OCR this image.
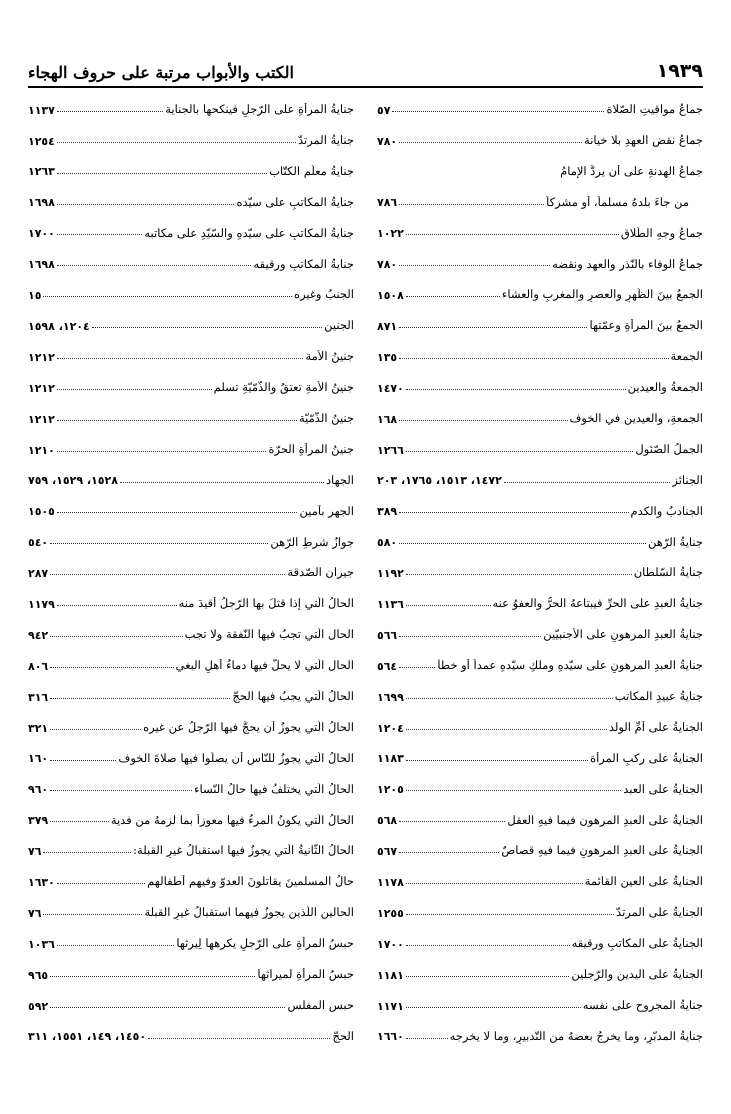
١٩٣٩
الكتب والأبواب مرتبة على حروف الهجاء
جماعُ مواقيتِ الصّلاة
٥٧
جماعُ نقضِ العهدِ بلا خيانة
٧٨٠
جماعُ الهدنةِ على أن يردَّ الإمامُ
من جاءَ بلدهُ مسلماً، أو مشركاً
٧٨٦
جماعُ وجهِ الطّلاق
١٠٢٢
جماعُ الوفاء بالنّذرِ والعهد ونقضه
٧٨٠
الجمعُ بينَ الظّهرِ والعصرِ والمغربِ والعشاء
١٥٠٨
الجمعُ بينَ المرأةِ وعمّتها
٨٧١
الجمعة
١٣٥
الجمعةُ والعيدين
١٤٧٠
الجمعةِ، والعيدينِ في الخوف
١٦٨
الجملُ الصّئول
١٢٦٦
الجنائز
١٤٧٢، ١٥١٣، ١٧٦٥، ٢٠٣
الجنادبُ والكدم
٣٨٩
جنايةُ الرّهن
٥٨٠
جنايةُ السّلطان
١١٩٢
جنايةُ العبدِ على الحرِّ فيبتاعهُ الحرُّ والعفوُ عنه
١١٣٦
جنايةُ العبدِ المرهونِ على الأجنبيّين
٥٦٦
جنايةُ العبدِ المرهونِ على سيّدهِ وملكِ سيّدهِ عمداً أو خطأً
٥٦٤
جنايةُ عبيدِ المكاتب
١٦٩٩
الجنايةُ على أمِّ الولد
١٢٠٤
الجنايةُ على ركبِ المرأة
١١٨٣
الجنايةُ على العبد
١٢٠٥
الجنايةُ على العبدِ المرهونِ فيما فيهِ العقل
٥٦٨
الجنايةُ على العبدِ المرهونِ فيما فيهِ قصاصٌ
٥٦٧
الجنايةُ على العينِ القائمة
١١٧٨
الجنايةُ على المرتدّ
١٢٥٥
الجنايةُ على المكاتبِ ورقيقه
١٧٠٠
الجنايةُ على اليدينِ والرّجلين
١١٨١
جنايةُ المجروحِ على نفسه
١١٧١
جنايةُ المدبّرِ، وما يخرجُ بعضهُ من التّدبيرِ، وما لا يخرجه
١٦٦٠
جنايةُ المرأةِ على الرّجلِ فينكحها بالجناية
١١٣٧
جنايةُ المرتدّ
١٢٥٤
جنايةُ معلّمِ الكتّاب
١٢٦٣
جنايةُ المكاتبِ على سيّده
١٦٩٨
جنايةُ المكاتبِ على سيّدهِ والسّيّدِ على مكاتبه
١٧٠٠
جنايةُ المكاتبِ ورقيقه
١٦٩٨
الجنبُ وغيره
١٥
الجنين
١٢٠٤، ١٥٩٨
جنينُ الأمة
١٢١٢
جنينُ الأمةِ تعتقُ والذّمّيّةِ تسلم
١٢١٢
جنينُ الذّمّيّة
١٢١٢
جنينُ المرأةِ الحرّة
١٢١٠
الجهاد
١٥٢٨، ١٥٢٩، ٧٥٩
الجهر بآمين
١٥٠٥
جوازُ شرطِ الرّهن
٥٤٠
جيران الصّدقة
٢٨٧
الحالُ الّتي إذا قتلَ بها الرّجلُ أقيدَ منه
١١٧٩
الحال الّتي تجبُ فيها النّفقة ولا تجب
٩٤٢
الحال الّتي لا يحلُّ فيها دماءُ أهلِ البغي
٨٠٦
الحالُ الّتي يجبُ فيها الحجّ
٣١٦
الحالُ الّتي يجوزُ أن يحجَّ فيها الرّجلُ عن غيره
٣٢١
الحالُ الّتي يجوزُ للنّاسِ أن يصلّوا فيها صلاةَ الخوف
١٦٠
الحالُ الّتي يختلفُ فيها حالُ النّساء
٩٦٠
الحالُ الّتي يكونُ المرءُ فيها معوزاً بما لزمهُ من فدية
٣٧٩
الحالُ الثّانيةُ الّتي يجوزُ فيها استقبالُ غيرِ القبلة:
٧٦
حالُ المسلمينَ يقاتلونَ العدوّ وفيهم أطفالهم
١٦٣٠
الحالينِ اللّذينِ يجوزُ فيهما استقبالُ غيرِ القبلة
٧٦
حبسُ المرأةِ على الرّجلِ يكرهها لِيرثها
١٠٣٦
حبسُ المرأةِ لميراثها
٩٦٥
حبس المفلس
٥٩٢
الحجّ
١٤٥٠، ١٤٩، ١٥٥١، ٣١١
